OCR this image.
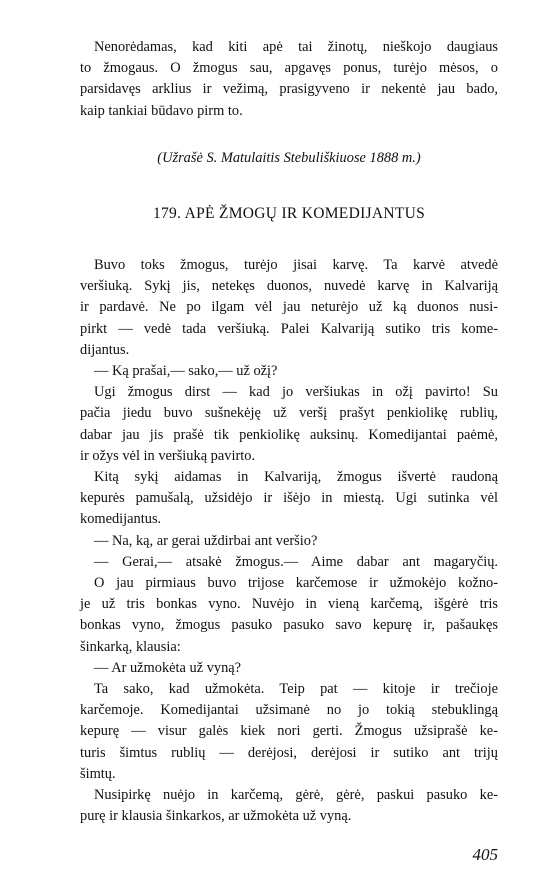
Nenorėdamas, kad kiti apė tai žinotų, nieškojo daugiaus
to žmogaus. O žmogus sau, apgavęs ponus, turėjo mėsos, o
parsidavęs arklius ir vežimą, prasigyveno ir nekentė jau bado,
kaip tankiai būdavo pirm to.
(Užrašė S. Matulaitis Stebuliškiuose 1888 m.)
179. APĖ ŽMOGŲ IR KOMEDIJANTUS
Buvo toks žmogus, turėjo jisai karvę. Ta karvė atvedė
veršiuką. Sykį jis, netekęs duonos, nuvedė karvę in Kalvariją
ir pardavė. Ne po ilgam vėl jau neturėjo už ką duonos nusi-
pirkt — vedė tada veršiuką. Palei Kalvariją sutiko tris kome-
dijantus.
— Ką prašai,— sako,— už ožį?
Ugi žmogus dirst — kad jo veršiukas in ožį pavirto! Su
pačia jiedu buvo sušnekėję už veršį prašyt penkiolikę rublių,
dabar jau jis prašė tik penkiolikę auksinų. Komedijantai paėmė,
ir ožys vėl in veršiuką pavirto.
Kitą sykį aidamas in Kalvariją, žmogus išvertė raudoną
kepurės pamušalą, užsidėjo ir išėjo in miestą. Ugi sutinka vėl
komedijantus.
— Na, ką, ar gerai uždirbai ant veršio?
— Gerai,— atsakė žmogus.— Aime dabar ant magaryčių.
O jau pirmiaus buvo trijose karčemose ir užmokėjo kožno-
je už tris bonkas vyno. Nuvėjo in vieną karčemą, išgėrė tris
bonkas vyno, žmogus pasuko pasuko savo kepurę ir, pašaukęs
šinkarką, klausia:
— Ar užmokėta už vyną?
Ta sako, kad užmokėta. Teip pat — kitoje ir trečioje
karčemoje. Komedijantai užsimanė no jo tokią stebuklingą
kepurę — visur galės kiek nori gerti. Žmogus užsiprašė ke-
turis šimtus rublių — derėjosi, derėjosi ir sutiko ant trijų
šimtų.
Nusipirkę nuėjo in karčemą, gėrė, gėrė, paskui pasuko ke-
purę ir klausia šinkarkos, ar užmokėta už vyną.
405
